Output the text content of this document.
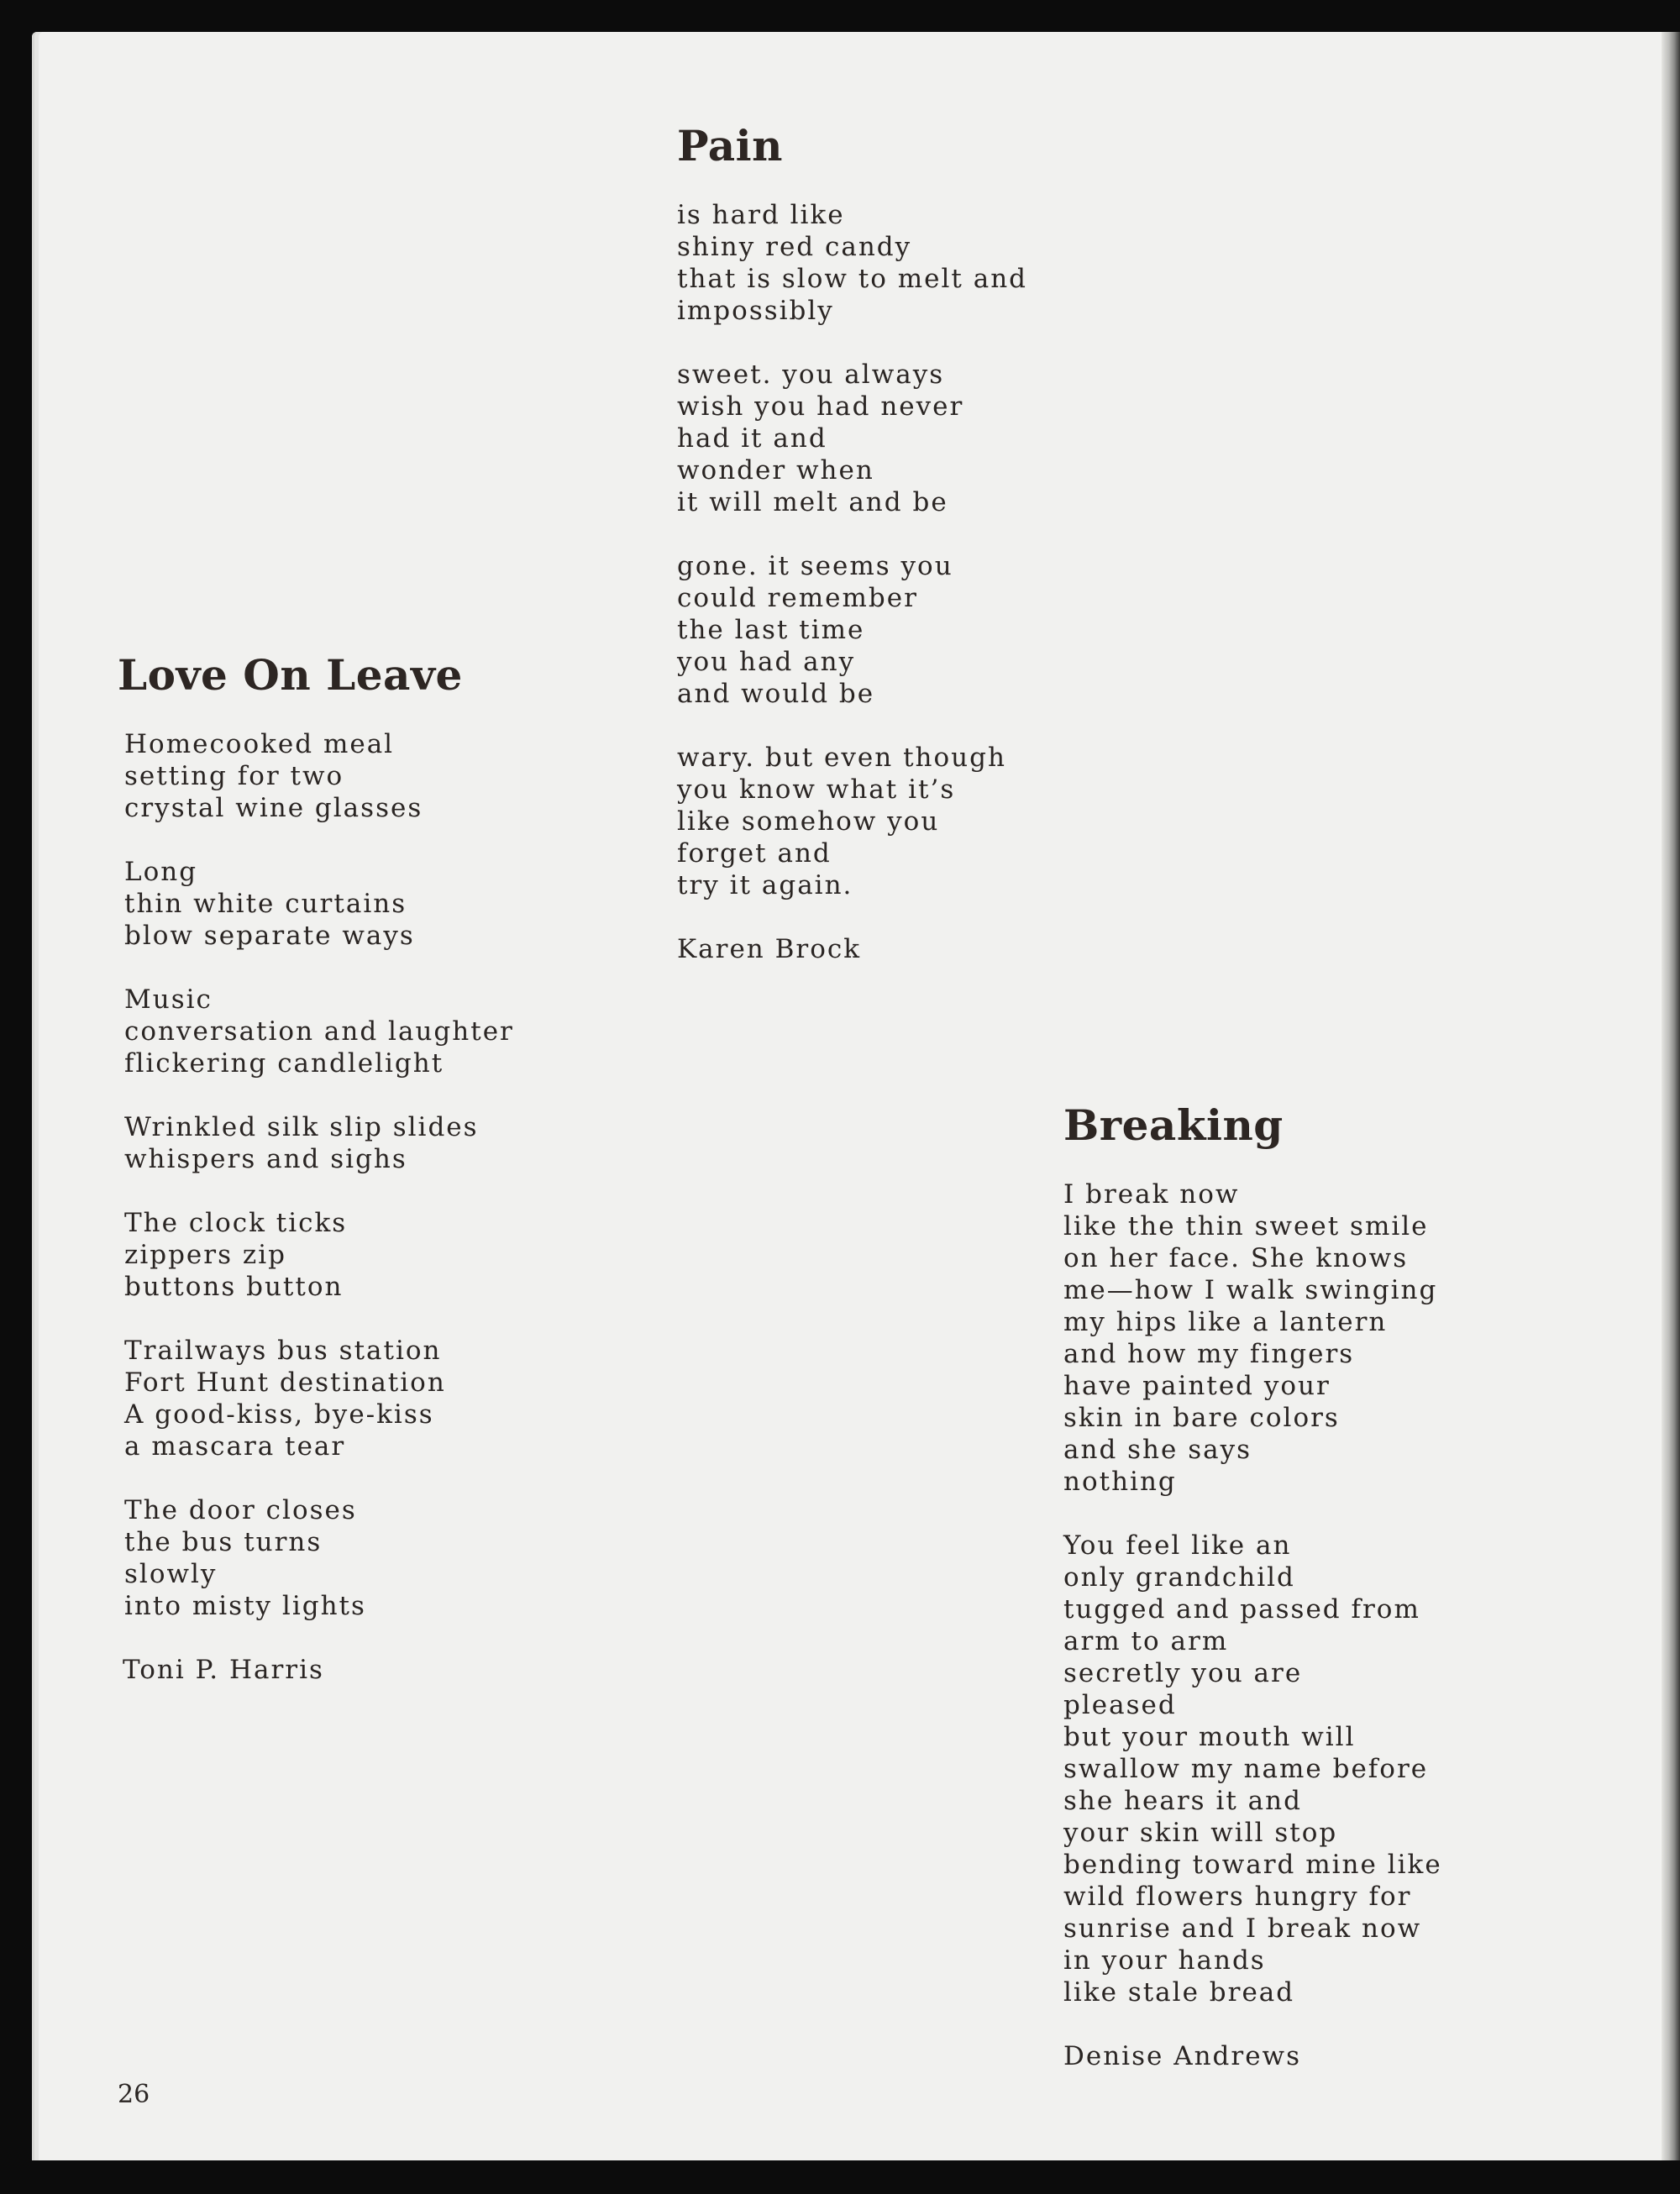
Pain
is hard like
shiny red candy
that is slow to melt and
impossibly
sweet. you always
wish you had never
had it and
wonder when
it will melt and be
gone. it seems you
could remember
the last time
you had any
and would be
wary. but even though
you know what it’s
like somehow you
forget and
try it again.
Karen Brock
Love On Leave
Homecooked meal
setting for two
crystal wine glasses
Long
thin white curtains
blow separate ways
Music
conversation and laughter
flickering candlelight
Wrinkled silk slip slides
whispers and sighs
The clock ticks
zippers zip
buttons button
Trailways bus station
Fort Hunt destination
A good-kiss, bye-kiss
a mascara tear
The door closes
the bus turns
slowly
into misty lights
Toni P. Harris
Breaking
I break now
like the thin sweet smile
on her face. She knows
me—how I walk swinging
my hips like a lantern
and how my fingers
have painted your
skin in bare colors
and she says
nothing
You feel like an
only grandchild
tugged and passed from
arm to arm
secretly you are
pleased
but your mouth will
swallow my name before
she hears it and
your skin will stop
bending toward mine like
wild flowers hungry for
sunrise and I break now
in your hands
like stale bread
Denise Andrews
26
